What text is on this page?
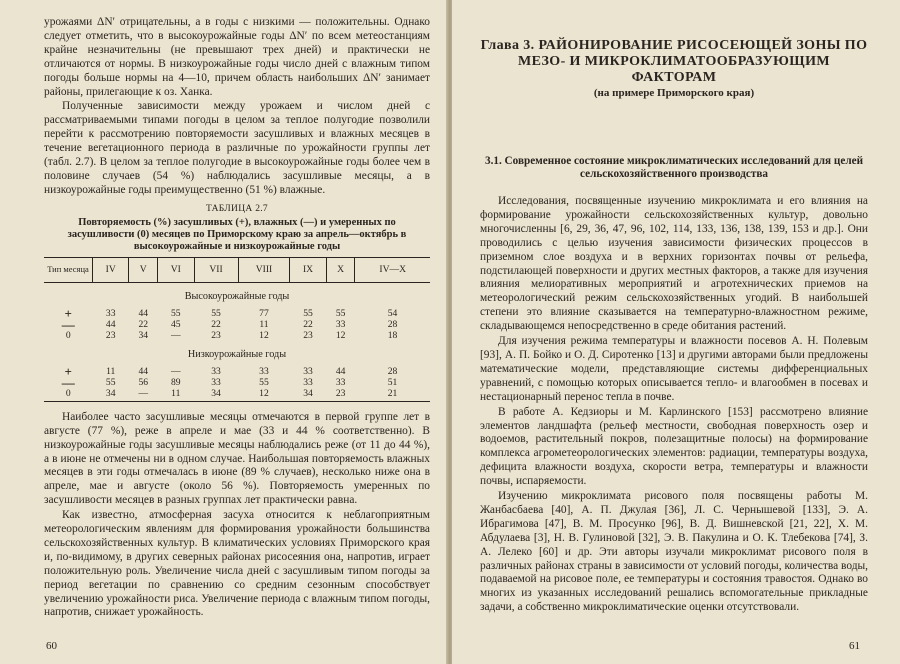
урожаями ΔN′ отрицательны, а в годы с низкими — положительны. Однако следует отметить, что в высокоурожайные годы ΔN′ по всем метеостанциям крайне незначительны (не превышают трех дней) и практически не отличаются от нормы. В низкоурожайные годы число дней с влажным типом погоды больше нормы на 4—10, причем область наибольших ΔN′ занимает районы, прилегающие к оз. Ханка.

Полученные зависимости между урожаем и числом дней с рассматриваемыми типами погоды в целом за теплое полугодие позволили перейти к рассмотрению повторяемости засушливых и влажных месяцев в течение вегетационного периода в различные по урожайности группы лет (табл. 2.7). В целом за теплое полугодие в высокоурожайные годы более чем в половине случаев (54 %) наблюдались засушливые месяцы, а в низкоурожайные годы преимущественно (51 %) влажные.

ТАБЛИЦА 2.7
Повторяемость (%) засушливых (+), влажных (—) и умеренных по засушливости (0) месяцев по Приморскому краю за апрель—октябрь в высокоурожайные и низкоурожайные годы
Тип месяца	IV	V	VI	VII	VIII	IX	X	IV—X
Высокоурожайные годы								
+	33	44	55	55	77	55	55	54
—	44	22	45	22	11	22	33	28
0	23	34	—	23	12	23	12	18
Низкоурожайные годы								
+	11	44	—	33	33	33	44	28
—	55	56	89	33	55	33	33	51
0	34	—	11	34	12	34	23	21

Наиболее часто засушливые месяцы отмечаются в первой группе лет в августе (77 %), реже в апреле и мае (33 и 44 % соответственно). В низкоурожайные годы засушливые месяцы наблюдались реже (от 11 до 44 %), а в июне не отмечены ни в одном случае. Наибольшая повторяемость влажных месяцев в эти годы отмечалась в июне (89 % случаев), несколько ниже она в апреле, мае и августе (около 56 %). Повторяемость умеренных по засушливости месяцев в разных группах лет практически равна.

Как известно, атмосферная засуха относится к неблагоприятным метеорологическим явлениям для формирования урожайности большинства сельскохозяйственных культур. В климатических условиях Приморского края и, по-видимому, в других северных районах рисосеяния она, напротив, играет положительную роль. Увеличение числа дней с засушливым типом погоды за период вегетации по сравнению со средним сезонным способствует увеличению урожайности риса. Увеличение периода с влажным типом погоды, напротив, снижает урожайность.

60
Глава 3. РАЙОНИРОВАНИЕ РИСОСЕЮЩЕЙ ЗОНЫ ПО МЕЗО- И МИКРОКЛИМАТООБРАЗУЮЩИМ ФАКТОРАМ
(на примере Приморского края)
3.1. Современное состояние микроклиматических исследований для целей сельскохозяйственного производства

Исследования, посвященные изучению микроклимата и его влияния на формирование урожайности сельскохозяйственных культур, довольно многочисленны [6, 29, 36, 47, 96, 102, 114, 133, 136, 138, 139, 153 и др.]. Они проводились с целью изучения зависимости физических процессов в приземном слое воздуха и в верхних горизонтах почвы от рельефа, подстилающей поверхности и других местных факторов, а также для изучения влияния мелиоративных мероприятий и агротехнических приемов на метеорологический режим сельскохозяйственных угодий. В наибольшей степени это влияние сказывается на температурно-влажностном режиме, складывающемся непосредственно в среде обитания растений.

Для изучения режима температуры и влажности посевов А. Н. Полевым [93], А. П. Бойко и О. Д. Сиротенко [13] и другими авторами были предложены математические модели, представляющие системы дифференциальных уравнений, с помощью которых описывается тепло- и влагообмен в посевах и нестационарный перенос тепла в почве.

В работе А. Кедзиоры и М. Карлинского [153] рассмотрено влияние элементов ландшафта (рельеф местности, свободная поверхность озер и водоемов, растительный покров, полезащитные полосы) на формирование комплекса агрометеорологических элементов: радиации, температуры воздуха, дефицита влажности воздуха, скорости ветра, температуры и влажности почвы, испаряемости.

Изучению микроклимата рисового поля посвящены работы М. Жанбасбаева [40], А. П. Джулая [36], Л. С. Чернышевой [133], Э. А. Ибрагимова [47], В. М. Просунко [96], В. Д. Вишневской [21, 22], Х. М. Абдулаева [3], Н. В. Гулиновой [32], Э. В. Пакулина и О. К. Тлебекова [74], З. А. Лелеко [60] и др. Эти авторы изучали микроклимат рисового поля в различных районах страны в зависимости от условий погоды, количества воды, подаваемой на рисовое поле, ее температуры и состояния травостоя. Однако во многих из указанных исследований решались вспомогательные прикладные задачи, а собственно микроклиматические оценки отсутствовали.

61
